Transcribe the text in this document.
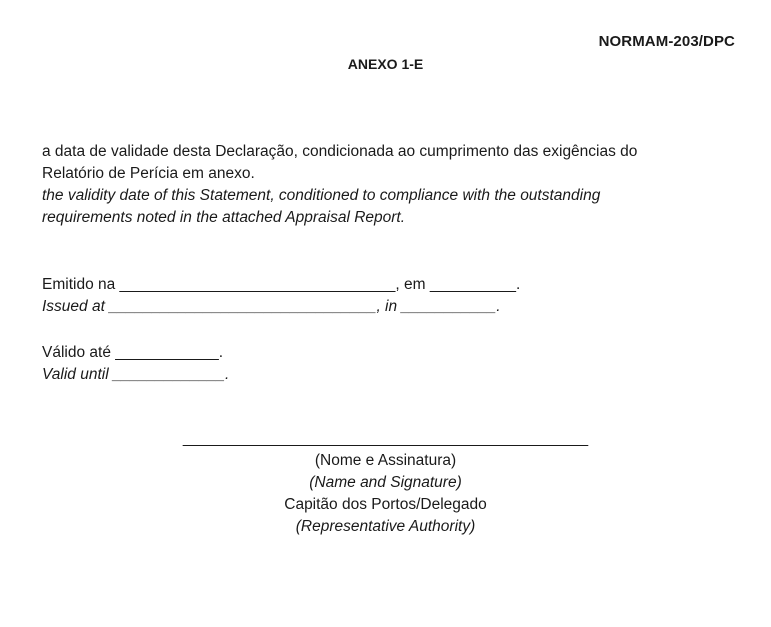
NORMAM-203/DPC
ANEXO 1-E
a data de validade desta Declaração, condicionada ao cumprimento das exigências do
Relatório de Perícia em anexo.
the validity date of this Statement, conditioned to compliance with the outstanding
requirements noted in the attached Appraisal Report.
Emitido na ________________________________, em __________.
Issued at _______________________________, in ___________.
Válido até ____________.
Valid until _____________.
_______________________________________________
(Nome e Assinatura)
(Name and Signature)
Capitão dos Portos/Delegado
(Representative Authority)
